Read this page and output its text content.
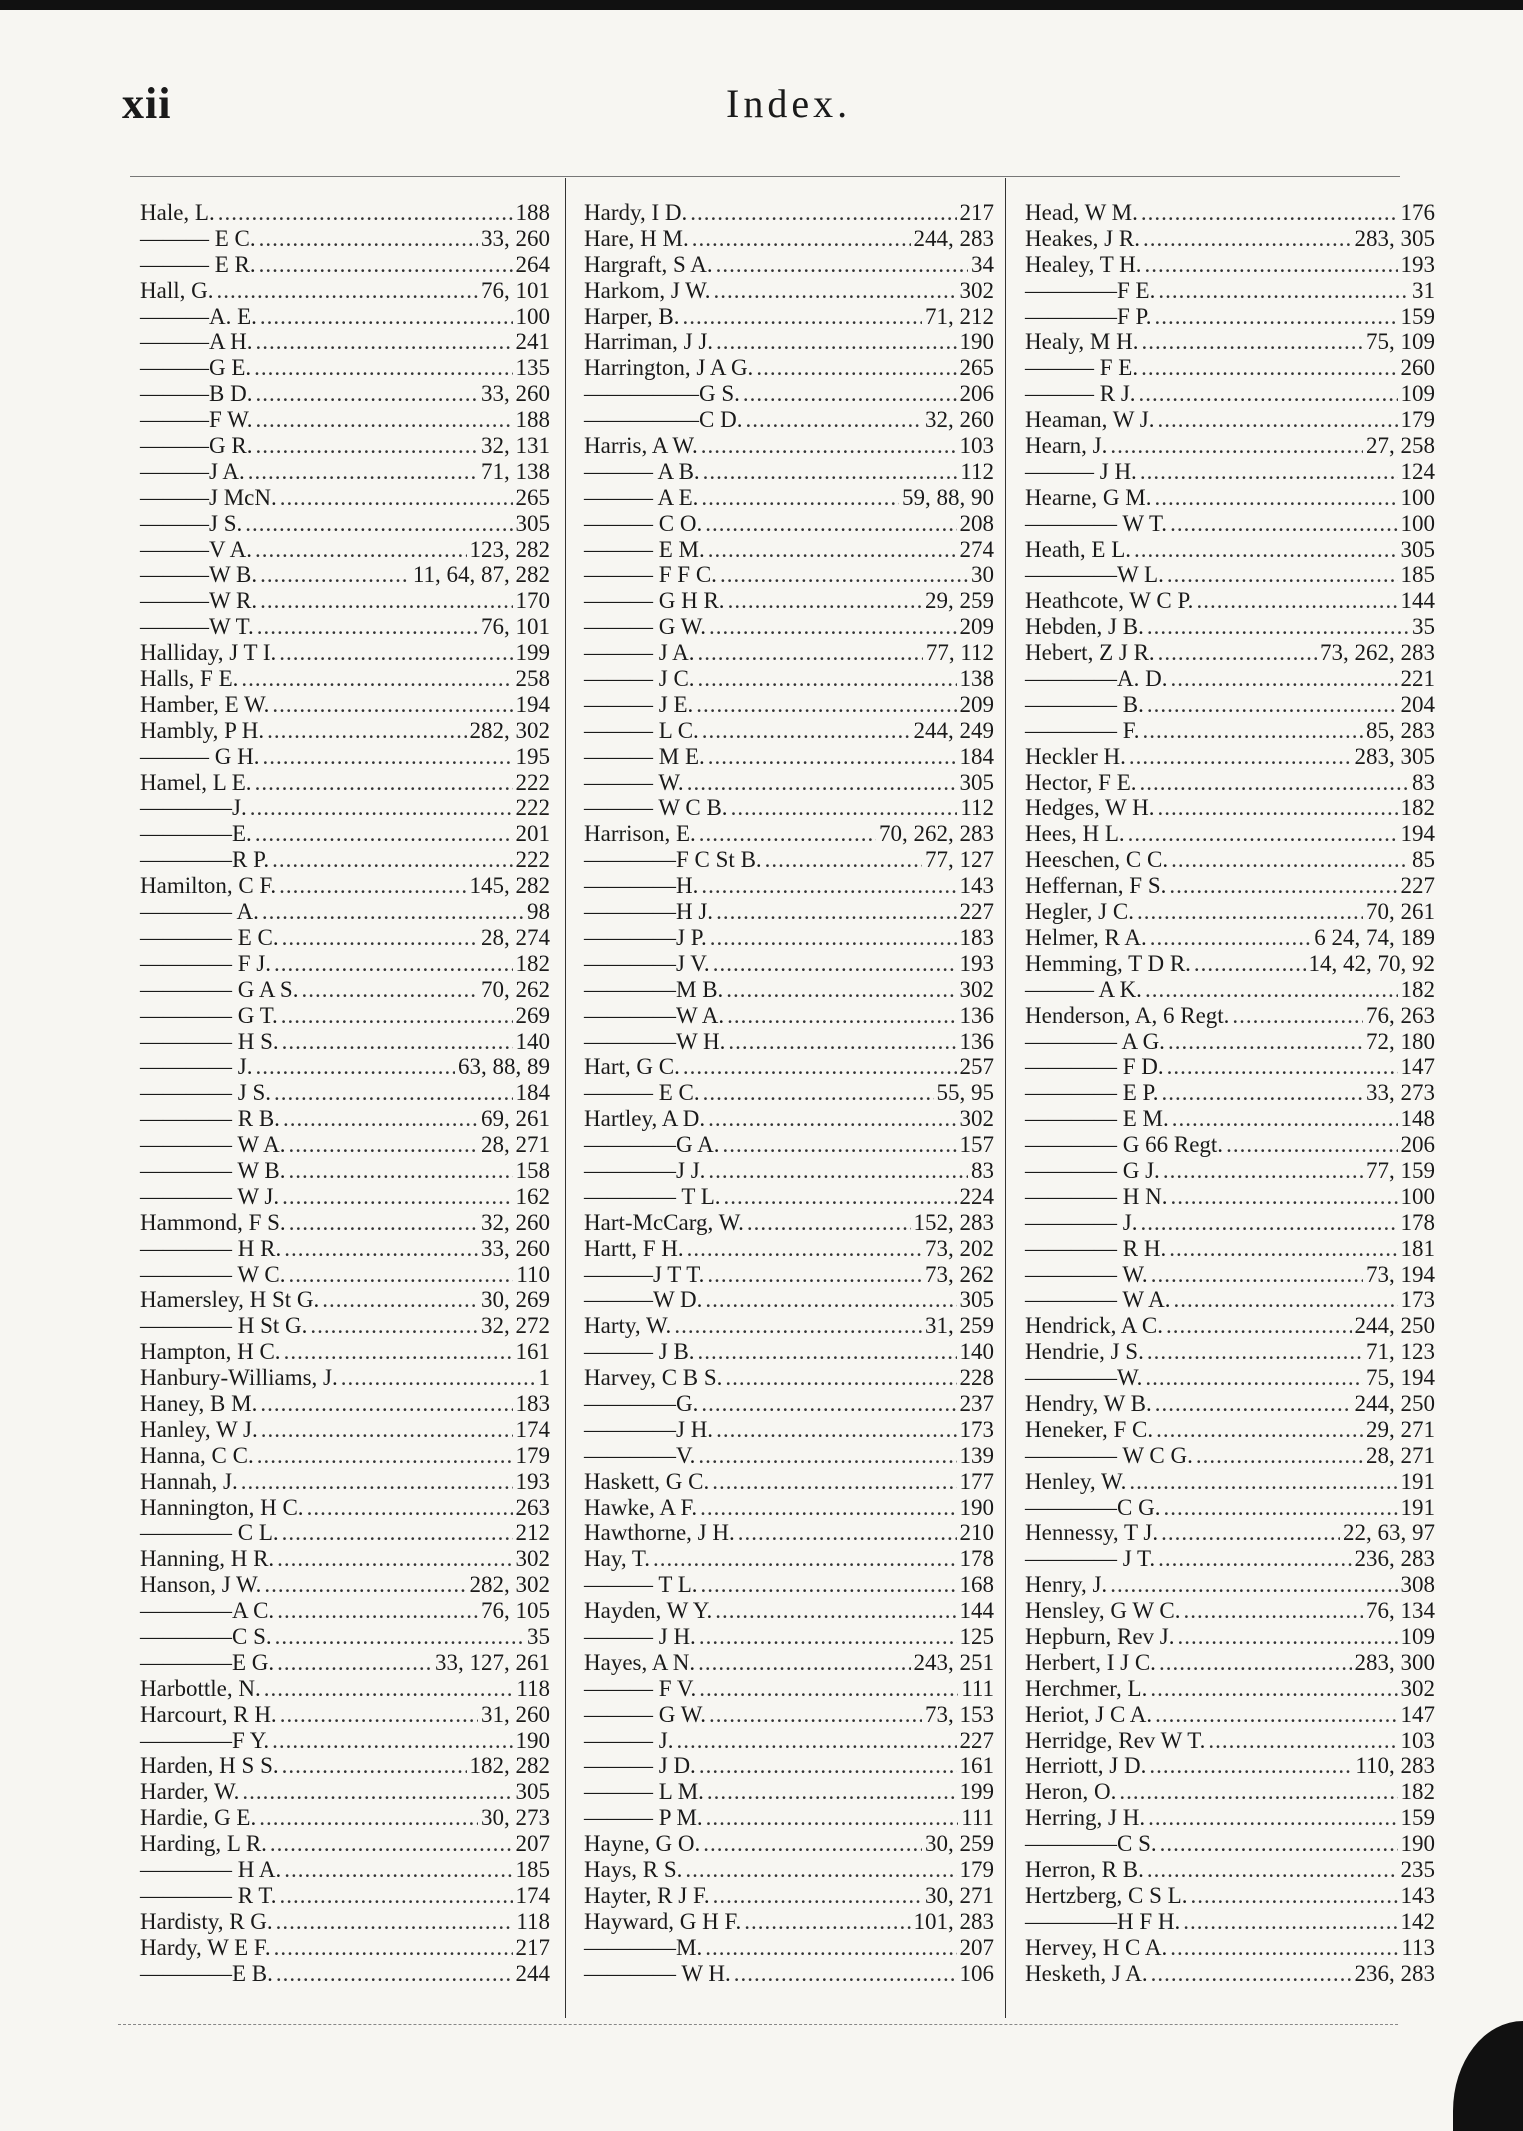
xii	Index.
Hale, L. .....	188
——— E C. .....	33, 260
——— E R. .....	264
Hall, G. .....	76, 101
———A. E. .....	100
———A H. .....	241
———G E. .....	135
———B D. .....	33, 260
———F W. .....	188
———G R. .....	32, 131
———J A. .....	71, 138
———J McN. .....	265
———J S. .....	305
———V A. .....	123, 282
———W B. .....	11, 64, 87, 282
———W R. .....	170
———W T. .....	76, 101
Halliday, J T I. .....	199
Halls, F E. .....	258
Hamber, E W. .....	194
Hambly, P H. .....	282, 302
——— G H. .....	195
Hamel, L E. .....	222
————J. .....	222
————E. .....	201
————R P. .....	222
Hamilton, C F. .....	145, 282
———— A. .....	98
———— E C. .....	28, 274
———— F J. .....	182
———— G A S. .....	70, 262
———— G T. .....	269
———— H S. .....	140
———— J. .....	63, 88, 89
———— J S. .....	184
———— R B. .....	69, 261
———— W A. .....	28, 271
———— W B. .....	158
———— W J. .....	162
Hammond, F S. .....	32, 260
———— H R. .....	33, 260
———— W C. .....	110
Hamersley, H St G. .....	30, 269
———— H St G. .....	32, 272
Hampton, H C. .....	161
Hanbury-Williams, J. .....	1
Haney, B M. .....	183
Hanley, W J. .....	174
Hanna, C C. .....	179
Hannah, J. .....	193
Hannington, H C. .....	263
———— C L. .....	212
Hanning, H R. .....	302
Hanson, J W. .....	282, 302
————A C. .....	76, 105
————C S. .....	35
————E G. .....	33, 127, 261
Harbottle, N. .....	118
Harcourt, R H. .....	31, 260
————F Y. .....	190
Harden, H S S. .....	182, 282
Harder, W. .....	305
Hardie, G E. .....	30, 273
Harding, L R. .....	207
———— H A. .....	185
———— R T. .....	174
Hardisty, R G. .....	118
Hardy, W E F. .....	217
————E B. .....	244
Hardy, I D. .....	217
Hare, H M. .....	244, 283
Hargraft, S A. .....	34
Harkom, J W. .....	302
Harper, B. .....	71, 212
Harriman, J J. .....	190
Harrington, J A G. .....	265
—————G S. .....	206
—————C D. .....	32, 260
Harris, A W. .....	103
——— A B. .....	112
——— A E. .....	59, 88, 90
——— C O. .....	208
——— E M. .....	274
——— F F C. .....	30
——— G H R. .....	29, 259
——— G W. .....	209
——— J A. .....	77, 112
——— J C. .....	138
——— J E. .....	209
——— L C. .....	244, 249
——— M E. .....	184
——— W. .....	305
——— W C B. .....	112
Harrison, E. .....	70, 262, 283
————F C St B. .....	77, 127
————H. .....	143
————H J. .....	227
————J P. .....	183
————J V. .....	193
————M B. .....	302
————W A. .....	136
————W H. .....	136
Hart, G C. .....	257
——— E C. .....	55, 95
Hartley, A D. .....	302
————G A. .....	157
————J J. .....	83
———— T L. .....	224
Hart-McCarg, W. .....	152, 283
Hartt, F H. .....	73, 202
———J T T. .....	73, 262
———W D. .....	305
Harty, W. .....	31, 259
——— J B. .....	140
Harvey, C B S. .....	228
————G. .....	237
————J H. .....	173
————V. .....	139
Haskett, G C. .....	177
Hawke, A F. .....	190
Hawthorne, J H. .....	210
Hay, T. .....	178
——— T L. .....	168
Hayden, W Y. .....	144
——— J H. .....	125
Hayes, A N. .....	243, 251
——— F V. .....	111
——— G W. .....	73, 153
——— J. .....	227
——— J D. .....	161
——— L M. .....	199
——— P M. .....	111
Hayne, G O. .....	30, 259
Hays, R S. .....	179
Hayter, R J F. .....	30, 271
Hayward, G H F. .....	101, 283
————M. .....	207
———— W H. .....	106
Head, W M. .....	176
Heakes, J R. .....	283, 305
Healey, T H. .....	193
————F E. .....	31
————F P. .....	159
Healy, M H. .....	75, 109
——— F E. .....	260
——— R J. .....	109
Heaman, W J. .....	179
Hearn, J. .....	27, 258
——— J H. .....	124
Hearne, G M. .....	100
———— W T. .....	100
Heath, E L. .....	305
————W L. .....	185
Heathcote, W C P. .....	144
Hebden, J B. .....	35
Hebert, Z J R. .....	73, 262, 283
————A. D. .....	221
———— B. .....	204
———— F. .....	85, 283
Heckler H. .....	283, 305
Hector, F E. .....	83
Hedges, W H. .....	182
Hees, H L. .....	194
Heeschen, C C. .....	85
Heffernan, F S. .....	227
Hegler, J C. .....	70, 261
Helmer, R A. .....	6 24, 74, 189
Hemming, T D R. .....	14, 42, 70, 92
——— A K. .....	182
Henderson, A, 6 Regt. .....	76, 263
———— A G. .....	72, 180
———— F D. .....	147
———— E P. .....	33, 273
———— E M. .....	148
———— G 66 Regt. .....	206
———— G J. .....	77, 159
———— H N. .....	100
———— J. .....	178
———— R H. .....	181
———— W. .....	73, 194
———— W A. .....	173
Hendrick, A C. .....	244, 250
Hendrie, J S. .....	71, 123
————W. .....	75, 194
Hendry, W B. .....	244, 250
Heneker, F C. .....	29, 271
———— W C G. .....	28, 271
Henley, W. .....	191
————C G. .....	191
Hennessy, T J. .....	22, 63, 97
———— J T. .....	236, 283
Henry, J. .....	308
Hensley, G W C. .....	76, 134
Hepburn, Rev J. .....	109
Herbert, I J C. .....	283, 300
Herchmer, L. .....	302
Heriot, J C A. .....	147
Herridge, Rev W T. .....	103
Herriott, J D. .....	110, 283
Heron, O. .....	182
Herring, J H. .....	159
————C S. .....	190
Herron, R B. .....	235
Hertzberg, C S L. .....	143
————H F H. .....	142
Hervey, H C A. .....	113
Hesketh, J A. .....	236, 283
